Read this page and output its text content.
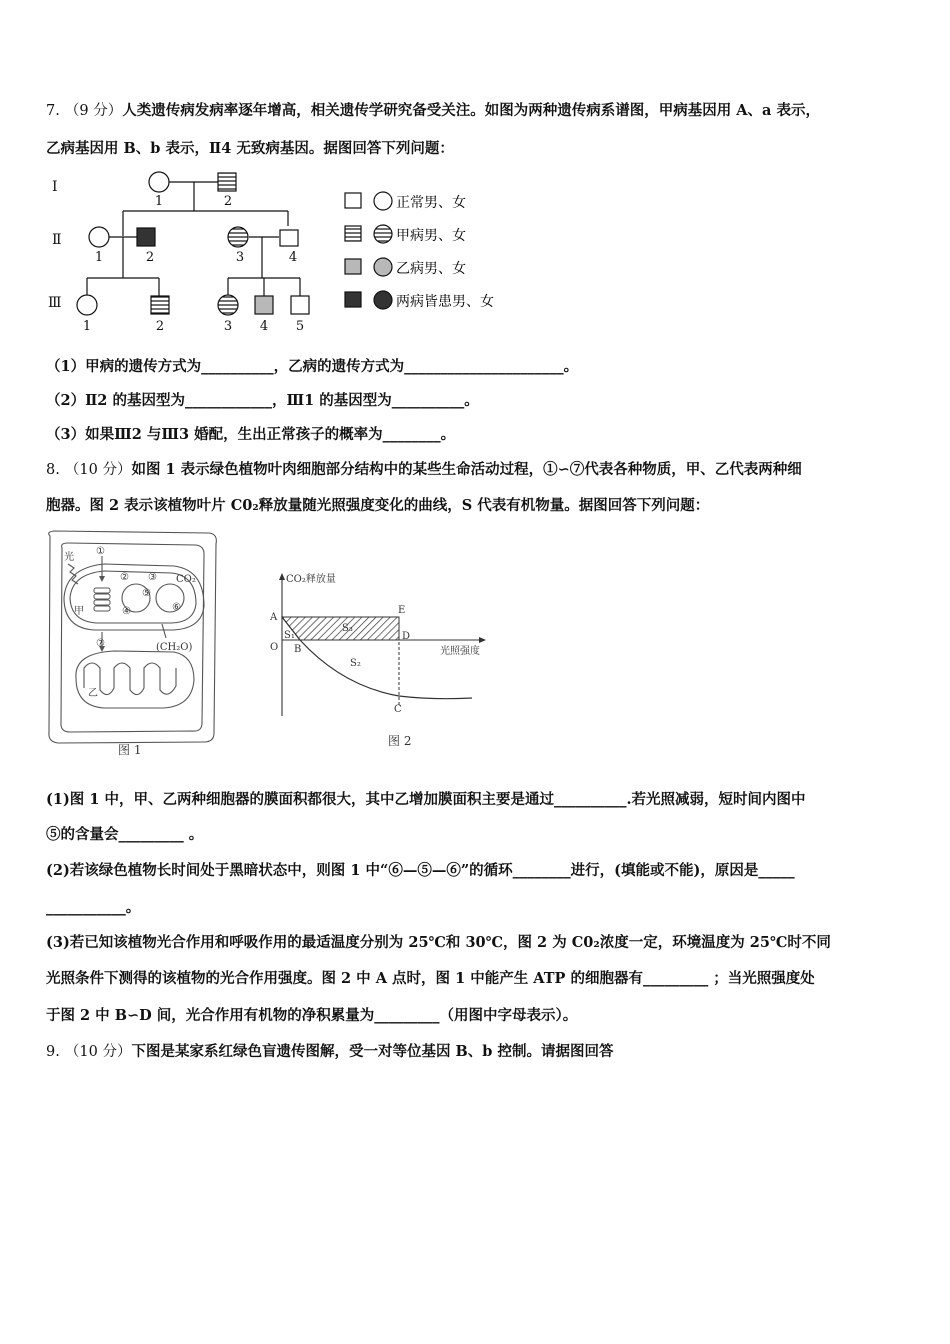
7. （9 分）人类遗传病发病率逐年增高，相关遗传学研究备受关注。如图为两种遗传病系谱图，甲病基因用 A、a 表示，
乙病基因用 B、b 表示，Ⅱ4 无致病基因。据图回答下列问题：
Ⅰ
Ⅱ
Ⅲ
1	2
1	2	3	4
1	2	3 4 5
正常男、女
甲病男、女
乙病男、女
两病皆患男、女
（1）甲病的遗传方式为__________，乙病的遗传方式为______________________。
（2）Ⅱ2 的基因型为____________，Ⅲ1 的基因型为__________。
（3）如果Ⅲ2 与Ⅲ3 婚配，生出正常孩子的概率为________。
8. （10 分）如图 1 表示绿色植物叶肉细胞部分结构中的某些生命活动过程，①∽⑦代表各种物质，甲、乙代表两种细
胞器。图 2 表示该植物叶片 C0₂释放量随光照强度变化的曲线，S 代表有机物量。据图回答下列问题：
光
甲
乙
CO₂
(CH₂O)
①
② ③
④
⑤
⑥
⑦
图 1
CO₂释放量
光照强度
A
E
S₁
S₃
D
O B
S₂
C
图 2
(1)图 1 中，甲、乙两种细胞器的膜面积都很大，其中乙增加膜面积主要是通过__________.若光照减弱，短时间内图中
⑤的含量会_________ 。
(2)若该绿色植物长时间处于黑暗状态中，则图 1 中“⑥—⑤—⑥”的循环________进行，(填能或不能)，原因是_____
___________。
(3)若已知该植物光合作用和呼吸作用的最适温度分别为 25℃和 30℃，图 2 为 C0₂浓度一定，环境温度为 25℃时不同
光照条件下测得的该植物的光合作用强度。图 2 中 A 点时，图 1 中能产生 ATP 的细胞器有_________ ；当光照强度处
于图 2 中 B∽D 间，光合作用有机物的净积累量为_________（用图中字母表示）。
9. （10 分）下图是某家系红绿色盲遗传图解，受一对等位基因 B、b 控制。请据图回答
